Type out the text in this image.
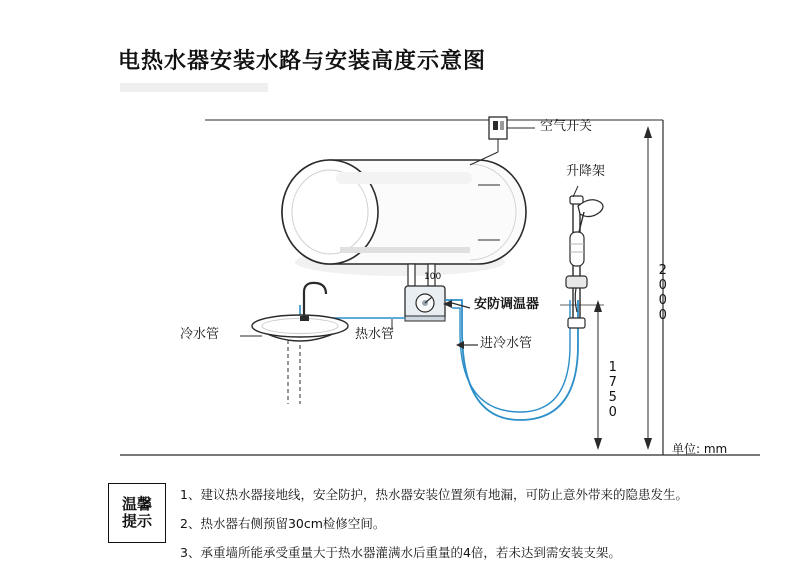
电热水器安装水路与安装高度示意图
空气开关
升降架
安防调温器
冷水管	热水管
进冷水管
2000
1750
100
单位: mm
温馨
提示
1、建议热水器接地线，安全防护，热水器安装位置须有地漏，可防止意外带来的隐患发生。
2、热水器右侧预留30cm检修空间。
3、承重墙所能承受重量大于热水器灌满水后重量的4倍，若未达到需安装支架。
